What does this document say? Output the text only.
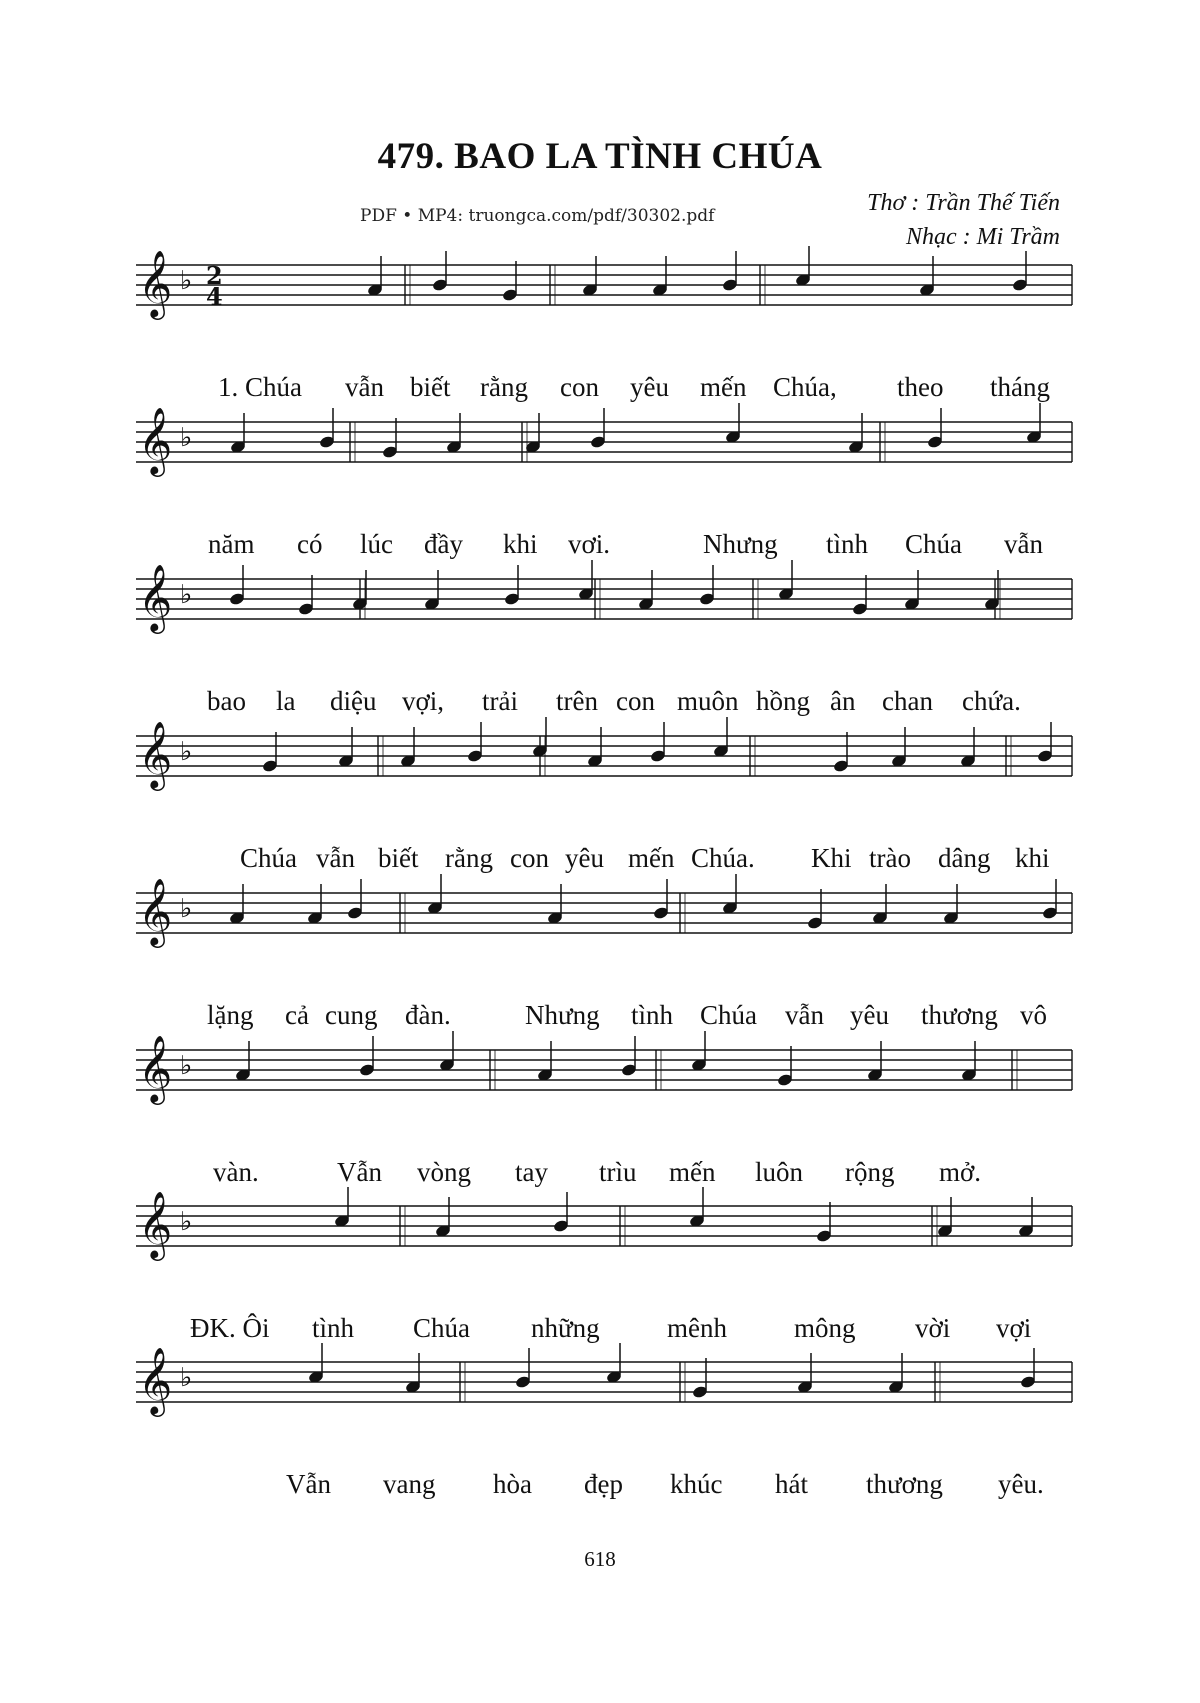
479. BAO LA TÌNH CHÚA
PDF • MP4: truongca.com/pdf/30302.pdf	Thơ : Trần Thế Tiến
Nhạc : Mi Trầm
𝄞 ♭ 2
4
1. Chúa vẫn biết rằng con yêu mến Chúa, theo tháng
𝄞 ♭
năm có lúc đầy khi vơi.	Nhưng tình Chúa vẫn
𝄞 ♭
bao la diệu vợi, trải trên con muôn hồng ân chan chứa.
𝄞 ♭
Chúa vẫn biết rằng con yêu mến Chúa. Khi trào dâng khi
𝄞 ♭
lặng cả cung đàn.	Nhưng tình Chúa vẫn yêu thương vô
𝄞 ♭
vàn.	Vẫn vòng tay trìu mến luôn rộng mở.
𝄞 ♭
ĐK. Ôi tình Chúa những mênh mông vời vợi
𝄞 ♭
Vẫn vang hòa đẹp khúc hát thương yêu.
618
